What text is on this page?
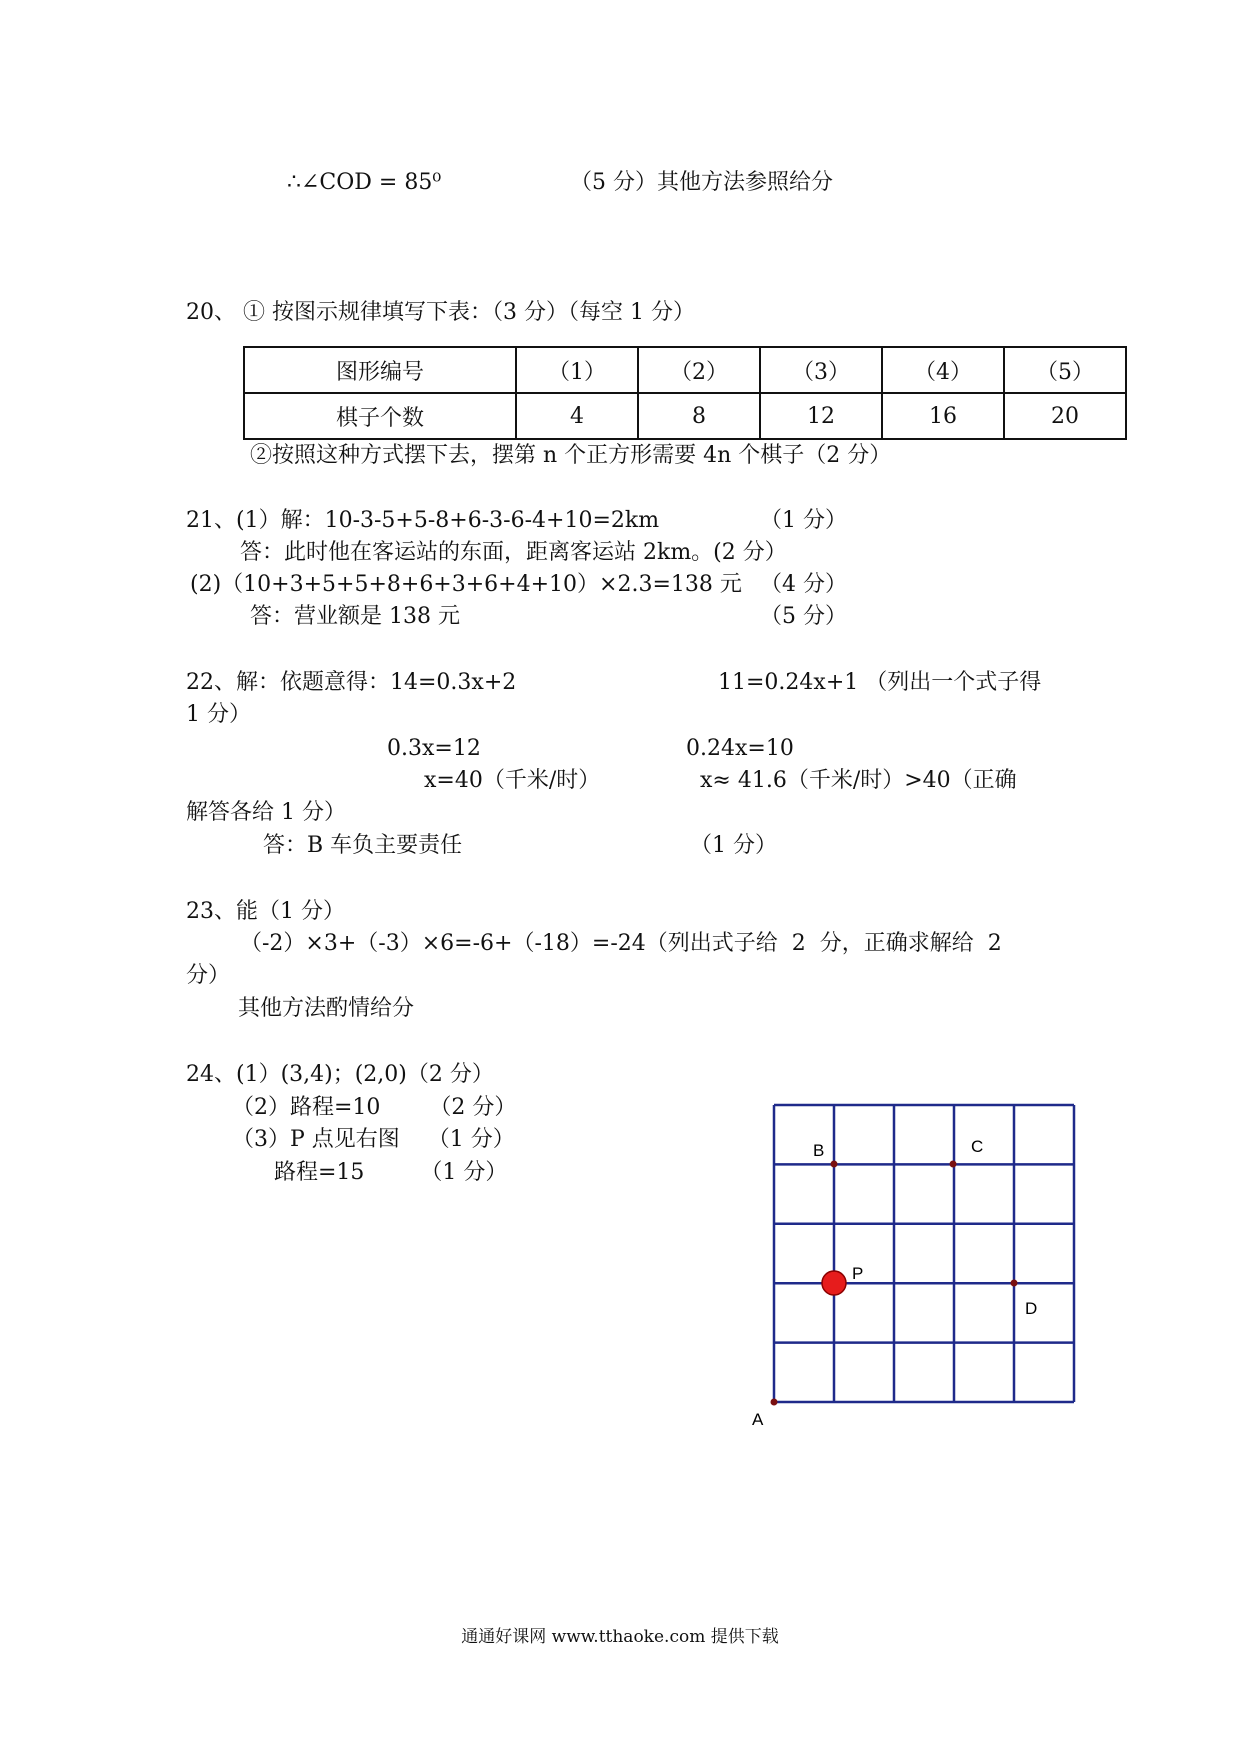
∴∠COD = 85⁰	（5 分）其他方法参照给分
20、 ① 按图示规律填写下表：（3 分）（每空 1 分）
图形编号	（1）	（2）	（3）	（4）	（5）
棋子个数	4	8	12	16	20
②按照这种方式摆下去，摆第 n 个正方形需要 4n 个棋子（2 分）
21、(1）解：10-3-5+5-8+6-3-6-4+10=2km	（1 分）
答：此时他在客运站的东面，距离客运站 2km。(2 分）
(2)（10+3+5+5+8+6+3+6+4+10）×2.3=138 元 （4 分）
答：营业额是 138 元	（5 分）
22、解：依题意得：14=0.3x+2	11=0.24x+1 （列出一个式子得
1 分）
0.3x=12	0.24x=10
x=40（千米/时）	x≈ 41.6（千米/时）>40（正确
解答各给 1 分）
答：B 车负主要责任	（1 分）
23、能（1 分）
（-2）×3+（-3）×6=-6+（-18）=-24（列出式子给  2  分，正确求解给  2
分）
其他方法酌情给分
24、(1）(3,4)；(2,0)（2 分）
（2）路程=10       （2 分）
（3）P 点见右图    （1 分）
路程=15        （1 分）
B	C
P
D
A
通通好课网 www.tthaoke.com 提供下载
